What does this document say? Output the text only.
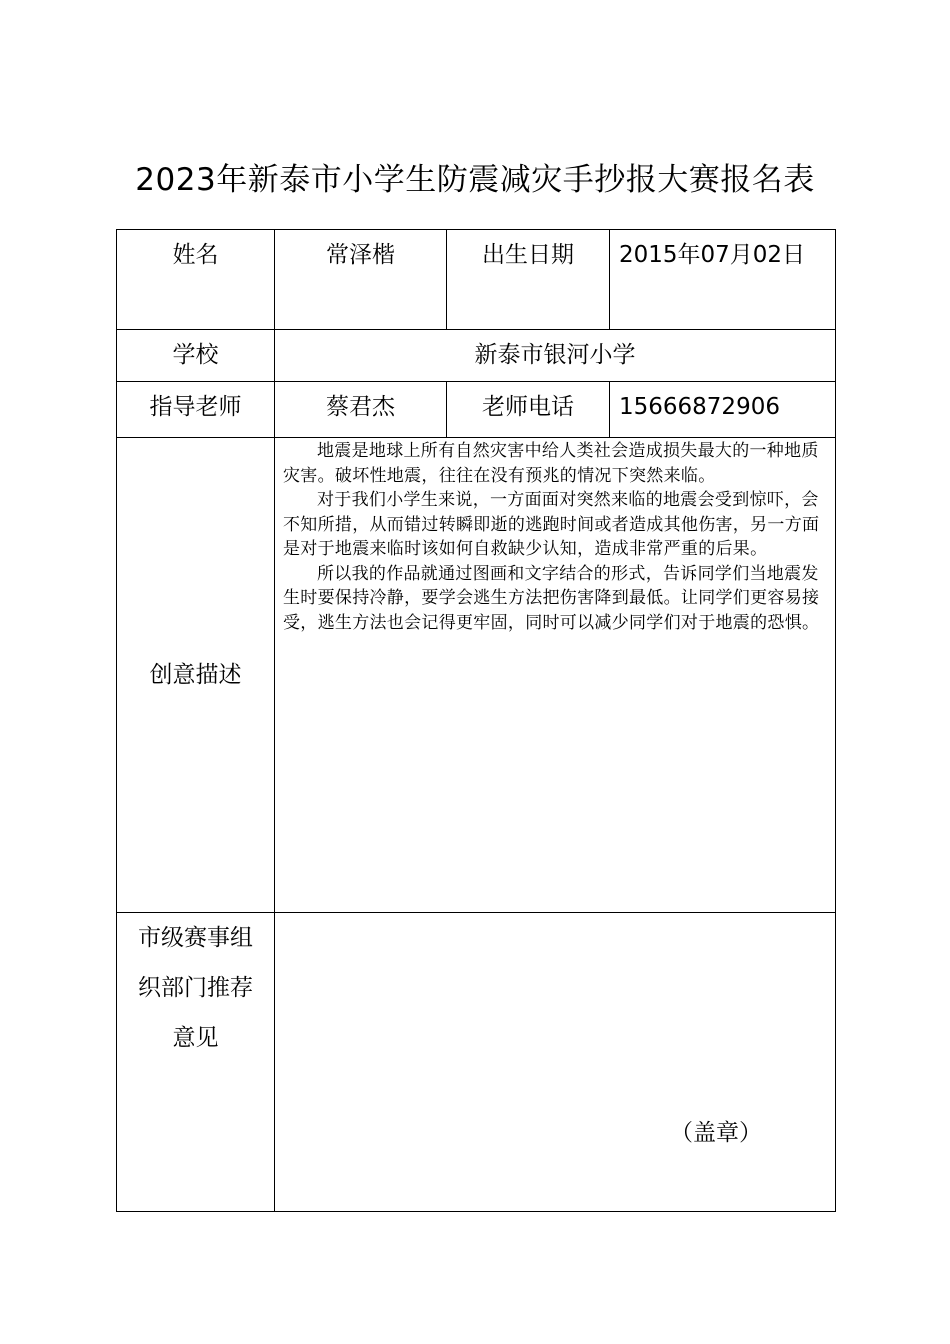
2023年新泰市小学生防震减灾手抄报大赛报名表
姓名	常泽楷	出生日期	2015年07月02日
学校	新泰市银河小学		
指导老师	蔡君杰	老师电话	15666872906
创意描述	地震是地球上所有自然灾害中给人类社会造成损失最大的一种地质灾害。破坏性地震，往往在没有预兆的情况下突然来临。

对于我们小学生来说，一方面面对突然来临的地震会受到惊吓，会不知所措，从而错过转瞬即逝的逃跑时间或者造成其他伤害，另一方面是对于地震来临时该如何自救缺少认知，造成非常严重的后果。

所以我的作品就通过图画和文字结合的形式，告诉同学们当地震发生时要保持冷静，要学会逃生方法把伤害降到最低。让同学们更容易接受，逃生方法也会记得更牢固，同时可以减少同学们对于地震的恐惧。		

市级赛事组
织部门推荐
意见	（盖章）		
